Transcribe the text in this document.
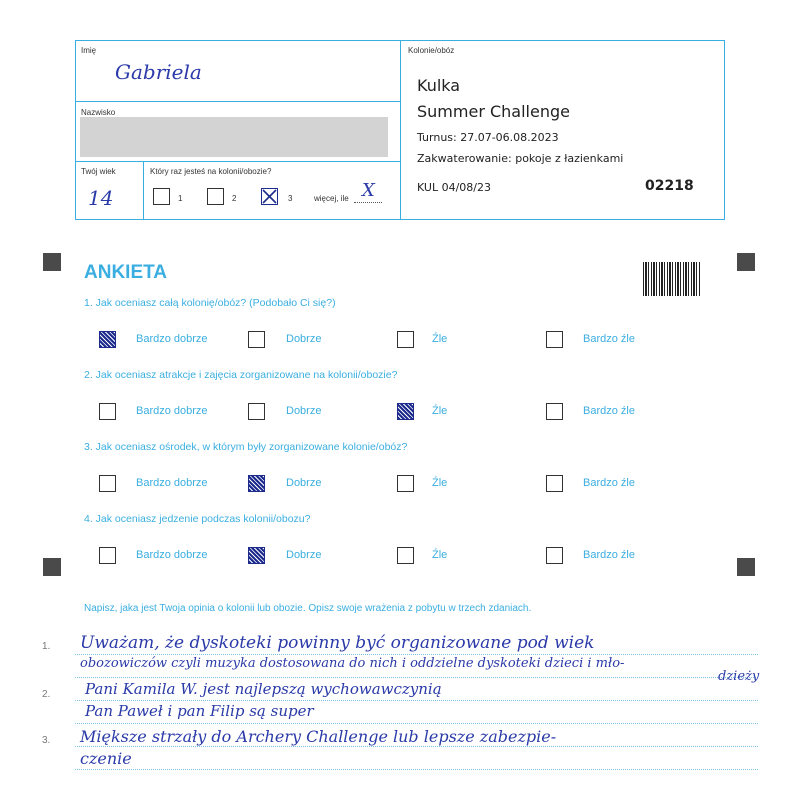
Imię
Gabriela
Kolonie/obóz
Nazwisko
Twój wiek
14
Który raz jesteś na kolonii/obozie?
1	2	3	więcej, ile X
Kulka
Summer Challenge
Turnus: 27.07-06.08.2023
Zakwaterowanie: pokoje z łazienkami
KUL 04/08/23	02218
ANKIETA
1. Jak oceniasz całą kolonię/obóz? (Podobało Ci się?)
Bardzo dobrze	Dobrze	Źle	Bardzo źle
2. Jak oceniasz atrakcje i zajęcia zorganizowane na kolonii/obozie?
Bardzo dobrze	Dobrze	Źle	Bardzo źle
3. Jak oceniasz ośrodek, w którym były zorganizowane kolonie/obóz?
Bardzo dobrze	Dobrze	Źle	Bardzo źle
4. Jak oceniasz jedzenie podczas kolonii/obozu?
Bardzo dobrze	Dobrze	Źle	Bardzo źle
Napisz, jaka jest Twoja opinia o kolonii lub obozie. Opisz swoje wrażenia z pobytu w trzech zdaniach.
1.
2.
3.
Uważam, że dyskoteki powinny być organizowane pod wiek
obozowiczów czyli muzyka dostosowana do nich i oddzielne dyskoteki dzieci i mło-
dzieży
Pani Kamila W. jest najlepszą wychowawczynią
Pan Paweł i pan Filip są super
Miększe strzały do Archery Challenge lub lepsze zabezpie-
czenie
